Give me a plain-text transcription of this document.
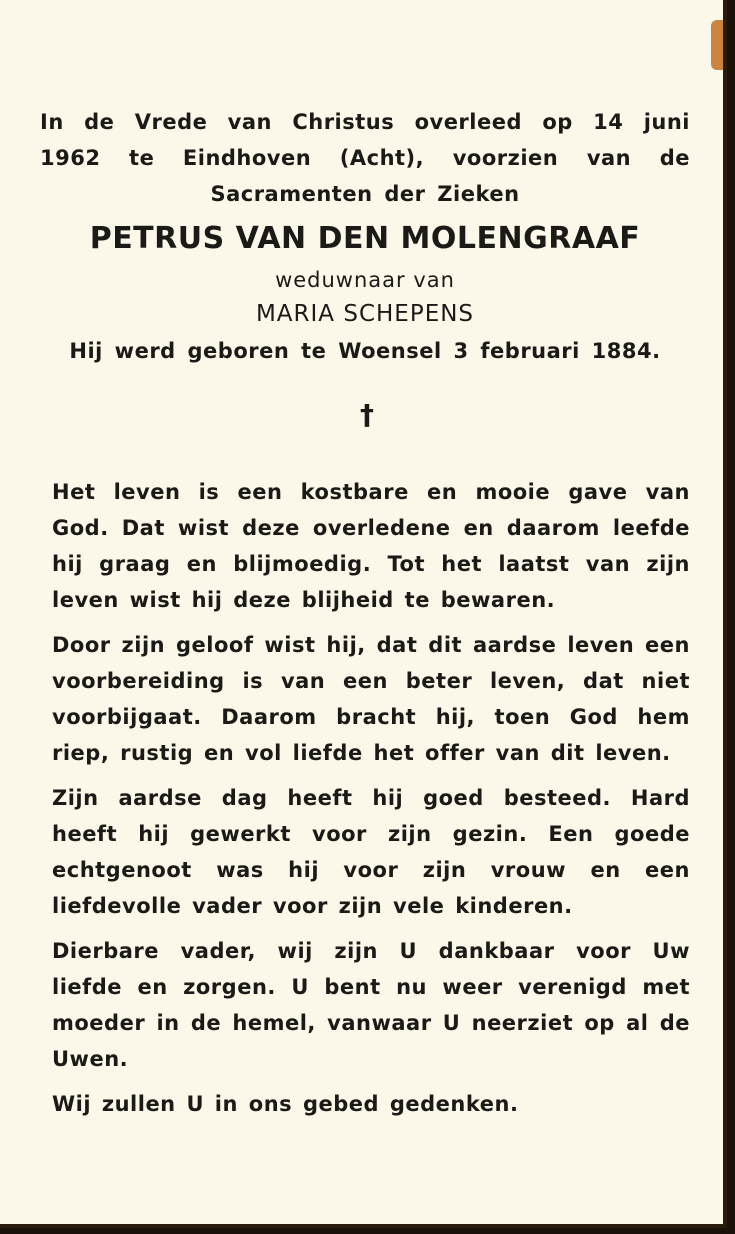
In de Vrede van Christus overleed op 14 juni 1962 te Eindhoven (Acht), voorzien van de Sacramenten der Zieken

PETRUS VAN DEN MOLENGRAAF

weduwnaar van

MARIA SCHEPENS

Hij werd geboren te Woensel 3 februari 1884.

†

Het leven is een kostbare en mooie gave van God. Dat wist deze overledene en daarom leefde hij graag en blijmoedig. Tot het laatst van zijn leven wist hij deze blijheid te bewaren.

Door zijn geloof wist hij, dat dit aardse leven een voorbereiding is van een beter leven, dat niet voorbijgaat. Daarom bracht hij, toen God hem riep, rustig en vol liefde het offer van dit leven.

Zijn aardse dag heeft hij goed besteed. Hard heeft hij gewerkt voor zijn gezin. Een goede echtgenoot was hij voor zijn vrouw en een liefdevolle vader voor zijn vele kinderen.

Dierbare vader, wij zijn U dankbaar voor Uw liefde en zorgen. U bent nu weer verenigd met moeder in de hemel, vanwaar U neerziet op al de Uwen.

Wij zullen U in ons gebed gedenken.
